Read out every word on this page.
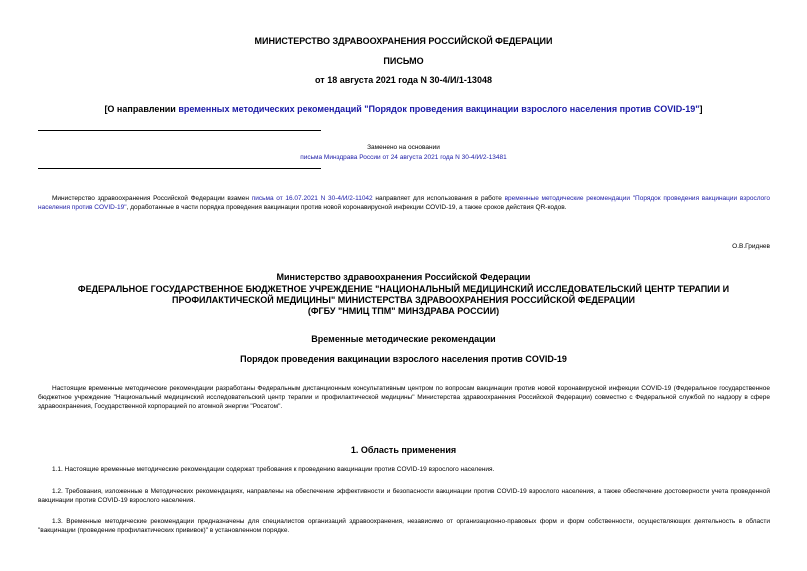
МИНИСТЕРСТВО ЗДРАВООХРАНЕНИЯ РОССИЙСКОЙ ФЕДЕРАЦИИ
ПИСЬМО
от 18 августа 2021 года N 30-4/И/1-13048
[О направлении временных методических рекомендаций "Порядок проведения вакцинации взрослого населения против COVID-19"]
Заменено на основании
письма Минздрава России от 24 августа 2021 года N 30-4/И/2-13481
Министерство здравоохранения Российской Федерации взамен письма от 16.07.2021 N 30-4/И/2-11042 направляет для использования в работе временные методические рекомендации "Порядок проведения вакцинации взрослого населения против COVID-19", доработанные в части порядка проведения вакцинации против новой коронавирусной инфекции COVID-19, а также сроков действия QR-кодов.
О.В.Гриднев
Министерство здравоохранения Российской Федерации
ФЕДЕРАЛЬНОЕ ГОСУДАРСТВЕННОЕ БЮДЖЕТНОЕ УЧРЕЖДЕНИЕ "НАЦИОНАЛЬНЫЙ МЕДИЦИНСКИЙ ИССЛЕДОВАТЕЛЬСКИЙ ЦЕНТР ТЕРАПИИ И
ПРОФИЛАКТИЧЕСКОЙ МЕДИЦИНЫ" МИНИСТЕРСТВА ЗДРАВООХРАНЕНИЯ РОССИЙСКОЙ ФЕДЕРАЦИИ
(ФГБУ "НМИЦ ТПМ" МИНЗДРАВА РОССИИ)
Временные методические рекомендации
Порядок проведения вакцинации взрослого населения против COVID-19
Настоящие временные методические рекомендации разработаны Федеральным дистанционным консультативным центром по вопросам вакцинации против новой коронавирусной инфекции COVID-19 (Федеральное государственное бюджетное учреждение "Национальный медицинский исследовательский центр терапии и профилактической медицины" Министерства здравоохранения Российской Федерации) совместно с Федеральной службой по надзору в сфере здравоохранения, Государственной корпорацией по атомной энергии "Росатом".
1. Область применения
1.1. Настоящие временные методические рекомендации содержат требования к проведению вакцинации против COVID-19 взрослого населения.
1.2. Требования, изложенные в Методических рекомендациях, направлены на обеспечение эффективности и безопасности вакцинации против COVID-19 взрослого населения, а также обеспечение достоверности учета проведенной вакцинации против COVID-19 взрослого населения.
1.3. Временные методические рекомендации предназначены для специалистов организаций здравоохранения, независимо от организационно-правовых форм и форм собственности, осуществляющих деятельность в области "вакцинации (проведение профилактических прививок)" в установленном порядке.
